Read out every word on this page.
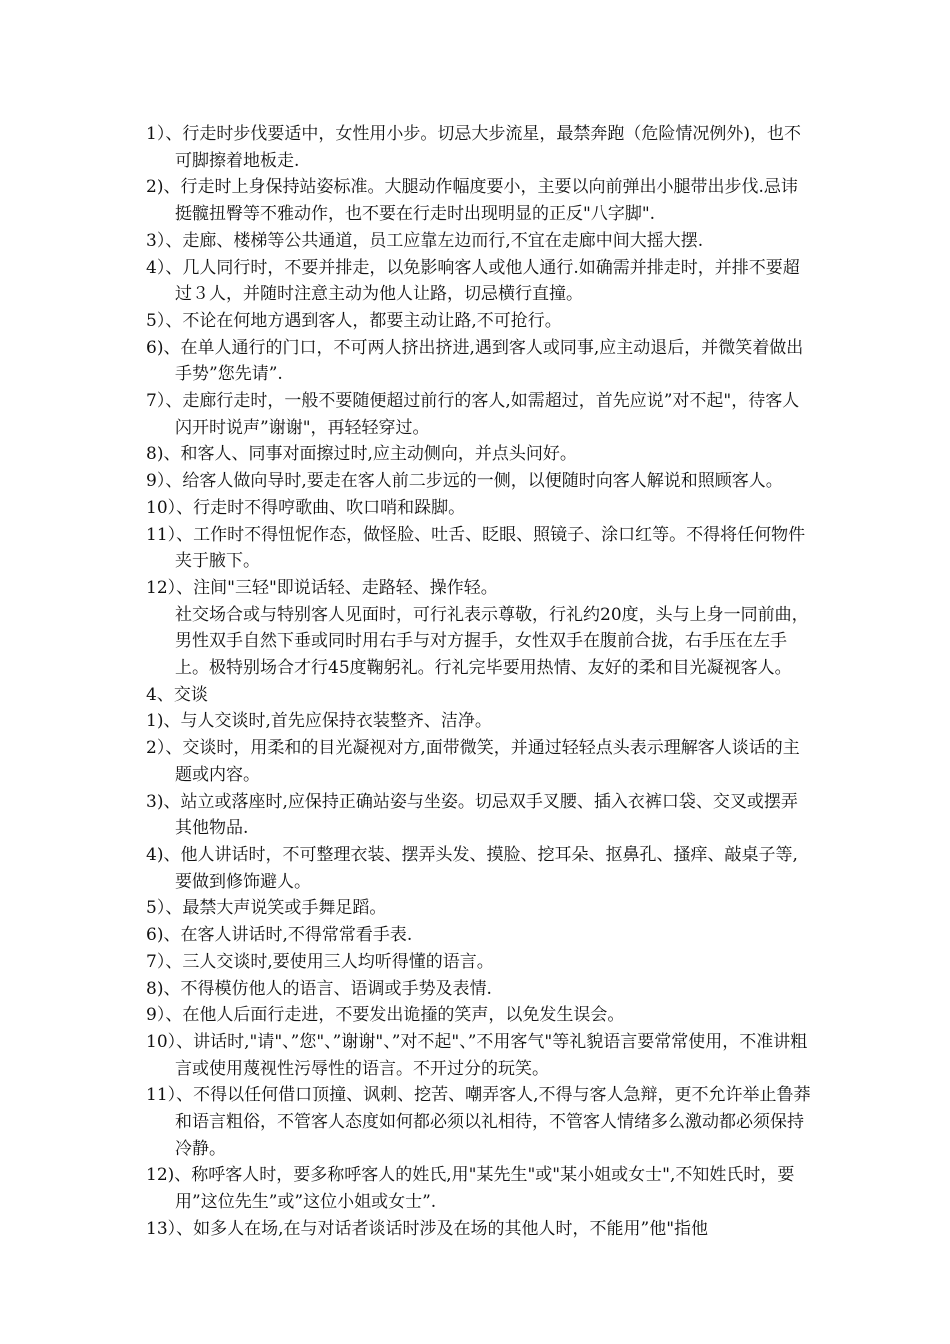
1）、行走时步伐要适中，女性用小步。切忌大步流星，最禁奔跑（危险情况例外)，也不可脚擦着地板走.

2)、行走时上身保持站姿标准。大腿动作幅度要小，主要以向前弹出小腿带出步伐.忌讳挺髋扭臀等不雅动作，也不要在行走时出现明显的正反"八字脚".

3）、走廊、楼梯等公共通道，员工应靠左边而行,不宜在走廊中间大摇大摆.

4）、几人同行时，不要并排走，以免影响客人或他人通行.如确需并排走时，并排不要超过３人，并随时注意主动为他人让路，切忌横行直撞。

5）、不论在何地方遇到客人，都要主动让路,不可抢行。

6)、在单人通行的门口，不可两人挤出挤进,遇到客人或同事,应主动退后，并微笑着做出手势”您先请”.

7）、走廊行走时，一般不要随便超过前行的客人,如需超过，首先应说”对不起"，待客人闪开时说声”谢谢"，再轻轻穿过。

8)、和客人、同事对面擦过时,应主动侧向，并点头问好。

9）、给客人做向导时,要走在客人前二步远的一侧，以便随时向客人解说和照顾客人。

10）、行走时不得哼歌曲、吹口哨和跺脚。

11）、工作时不得忸怩作态，做怪脸、吐舌、眨眼、照镜子、涂口红等。不得将任何物件夹于腋下。

12）、注间"三轻"即说话轻、走路轻、操作轻。

社交场合或与特别客人见面时，可行礼表示尊敬，行礼约20度，头与上身一同前曲，男性双手自然下垂或同时用右手与对方握手，女性双手在腹前合拢，右手压在左手上。极特别场合才行45度鞠躬礼。行礼完毕要用热情、友好的柔和目光凝视客人。

4、交谈

1)、与人交谈时,首先应保持衣装整齐、洁净。

2）、交谈时，用柔和的目光凝视对方,面带微笑，并通过轻轻点头表示理解客人谈话的主题或内容。

3)、站立或落座时,应保持正确站姿与坐姿。切忌双手叉腰、插入衣裤口袋、交叉或摆弄其他物品.

4)、他人讲话时，不可整理衣装、摆弄头发、摸脸、挖耳朵、抠鼻孔、搔痒、敲桌子等,要做到修饰避人。

5）、最禁大声说笑或手舞足蹈。

6)、在客人讲话时,不得常常看手表.

7）、三人交谈时,要使用三人均听得懂的语言。

8)、不得模仿他人的语言、语调或手势及表情.

9）、在他人后面行走进，不要发出诡𢶍的笑声，以免发生误会。

10）、讲话时,"请"、”您"、”谢谢"、”对不起"、”不用客气"等礼貌语言要常常使用，不准讲粗言或使用蔑视性污辱性的语言。不开过分的玩笑。

11）、不得以任何借口顶撞、讽刺、挖苦、嘲弄客人,不得与客人急辩，更不允许举止鲁莽和语言粗俗，不管客人态度如何都必须以礼相待，不管客人情绪多么激动都必须保持冷静。

12)、称呼客人时，要多称呼客人的姓氏,用"某先生"或"某小姐或女士",不知姓氏时，要用”这位先生”或”这位小姐或女士”.

13）、如多人在场,在与对话者谈话时涉及在场的其他人时，不能用”他"指他
